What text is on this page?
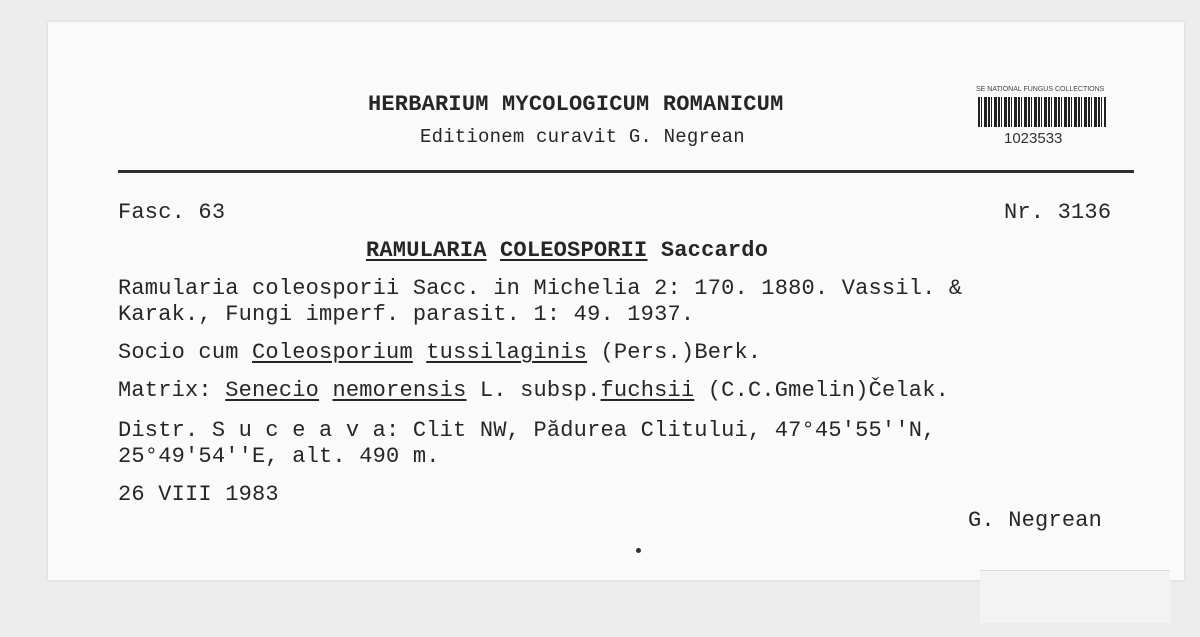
HERBARIUM MYCOLOGICUM ROMANICUM
Editionem curavit G. Negrean
SE NATIONAL FUNGUS COLLECTIONS
1023533
Fasc. 63	Nr. 3136
RAMULARIA COLEOSPORII Saccardo
Ramularia coleosporii Sacc. in Michelia 2: 170. 1880. Vassil. &
Karak., Fungi imperf. parasit. 1: 49. 1937.
Socio cum Coleosporium tussilaginis (Pers.)Berk.
Matrix: Senecio nemorensis L. subsp.fuchsii (C.C.Gmelin)Čelak.
Distr. S u c e a v a: Clit NW, Pădurea Clitului, 47°45'55''N,
25°49'54''E, alt. 490 m.
26 VIII 1983
G. Negrean
